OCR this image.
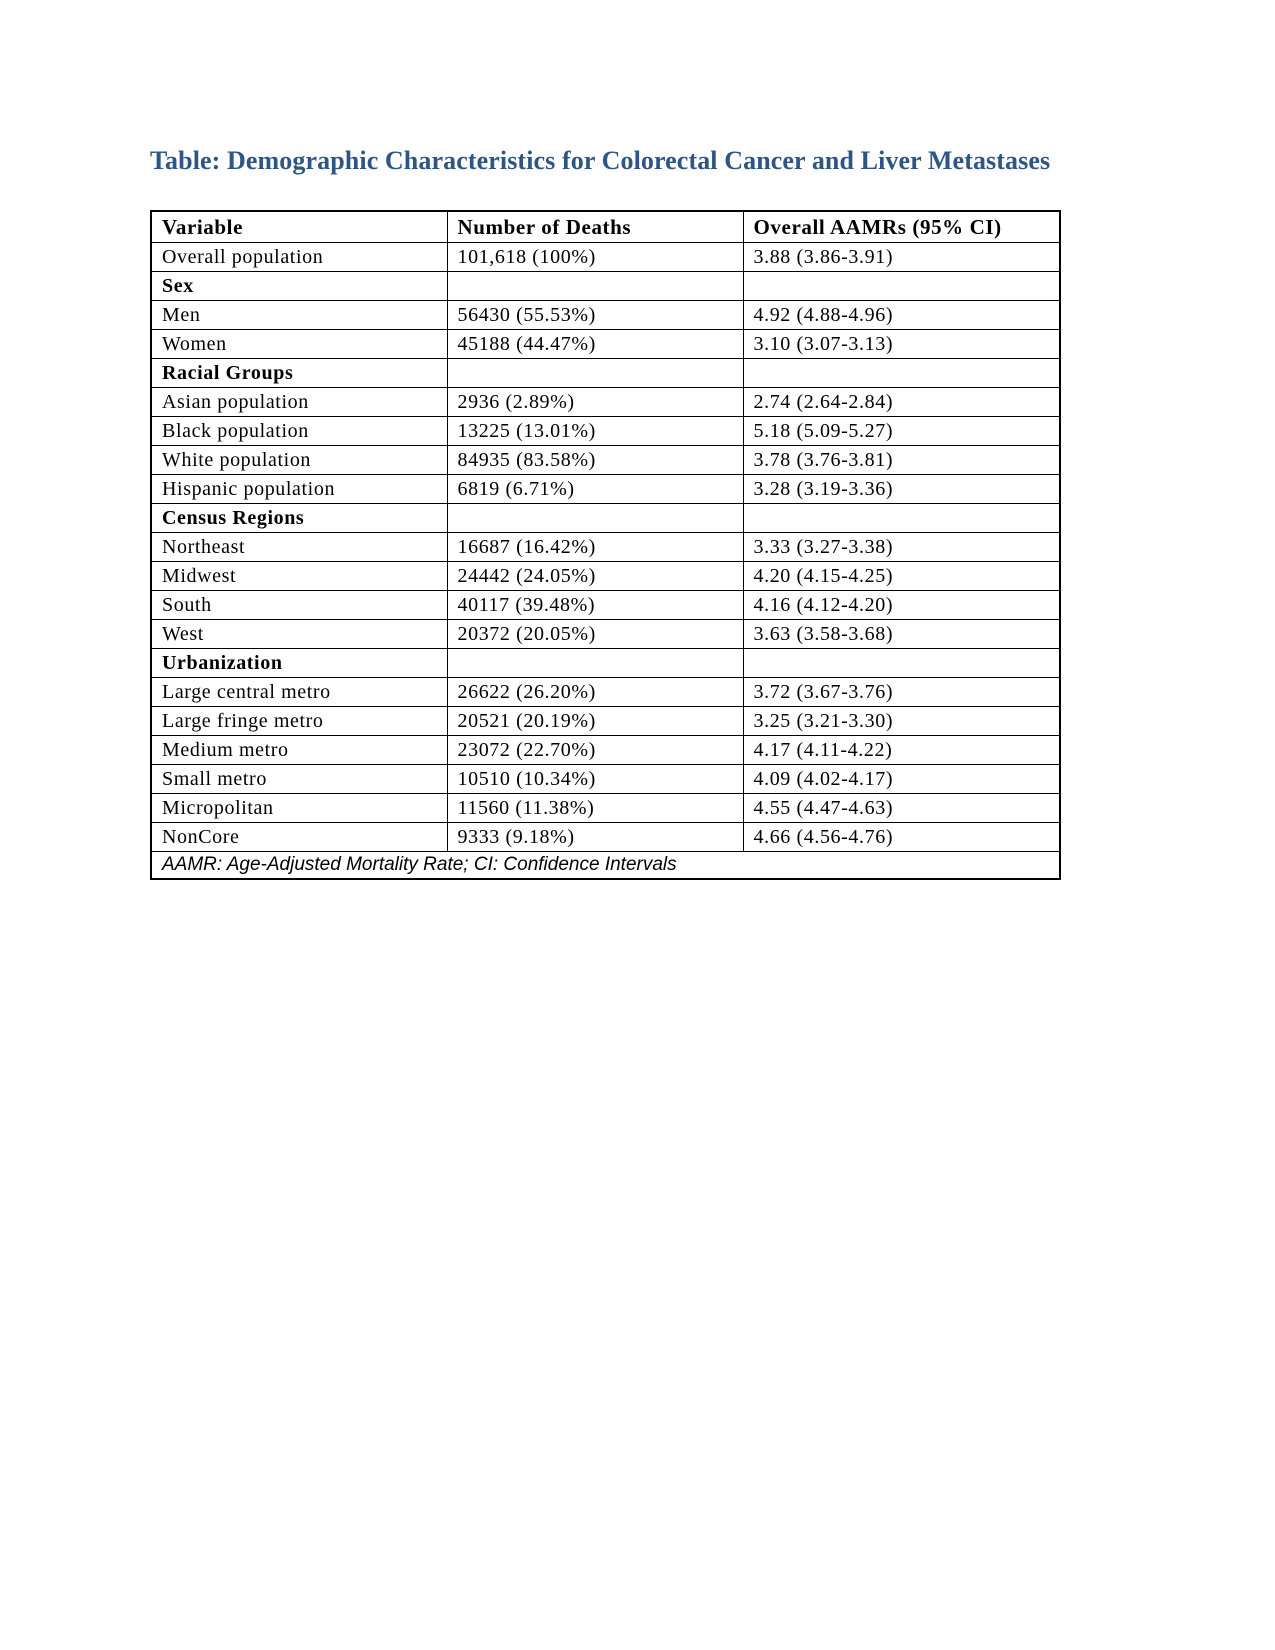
Table: Demographic Characteristics for Colorectal Cancer and Liver Metastases
Variable	Number of Deaths	Overall AAMRs (95% CI)
Overall population	101,618 (100%)	3.88 (3.86-3.91)
Sex		
Men	56430 (55.53%)	4.92 (4.88-4.96)
Women	45188 (44.47%)	3.10 (3.07-3.13)
Racial Groups		
Asian population	2936 (2.89%)	2.74 (2.64-2.84)
Black population	13225 (13.01%)	5.18 (5.09-5.27)
White population	84935 (83.58%)	3.78 (3.76-3.81)
Hispanic population	6819 (6.71%)	3.28 (3.19-3.36)
Census Regions		
Northeast	16687 (16.42%)	3.33 (3.27-3.38)
Midwest	24442 (24.05%)	4.20 (4.15-4.25)
South	40117 (39.48%)	4.16 (4.12-4.20)
West	20372 (20.05%)	3.63 (3.58-3.68)
Urbanization		
Large central metro	26622 (26.20%)	3.72 (3.67-3.76)
Large fringe metro	20521 (20.19%)	3.25 (3.21-3.30)
Medium metro	23072 (22.70%)	4.17 (4.11-4.22)
Small metro	10510 (10.34%)	4.09 (4.02-4.17)
Micropolitan	11560 (11.38%)	4.55 (4.47-4.63)
NonCore	9333 (9.18%)	4.66 (4.56-4.76)
AAMR: Age-Adjusted Mortality Rate; CI: Confidence Intervals		
